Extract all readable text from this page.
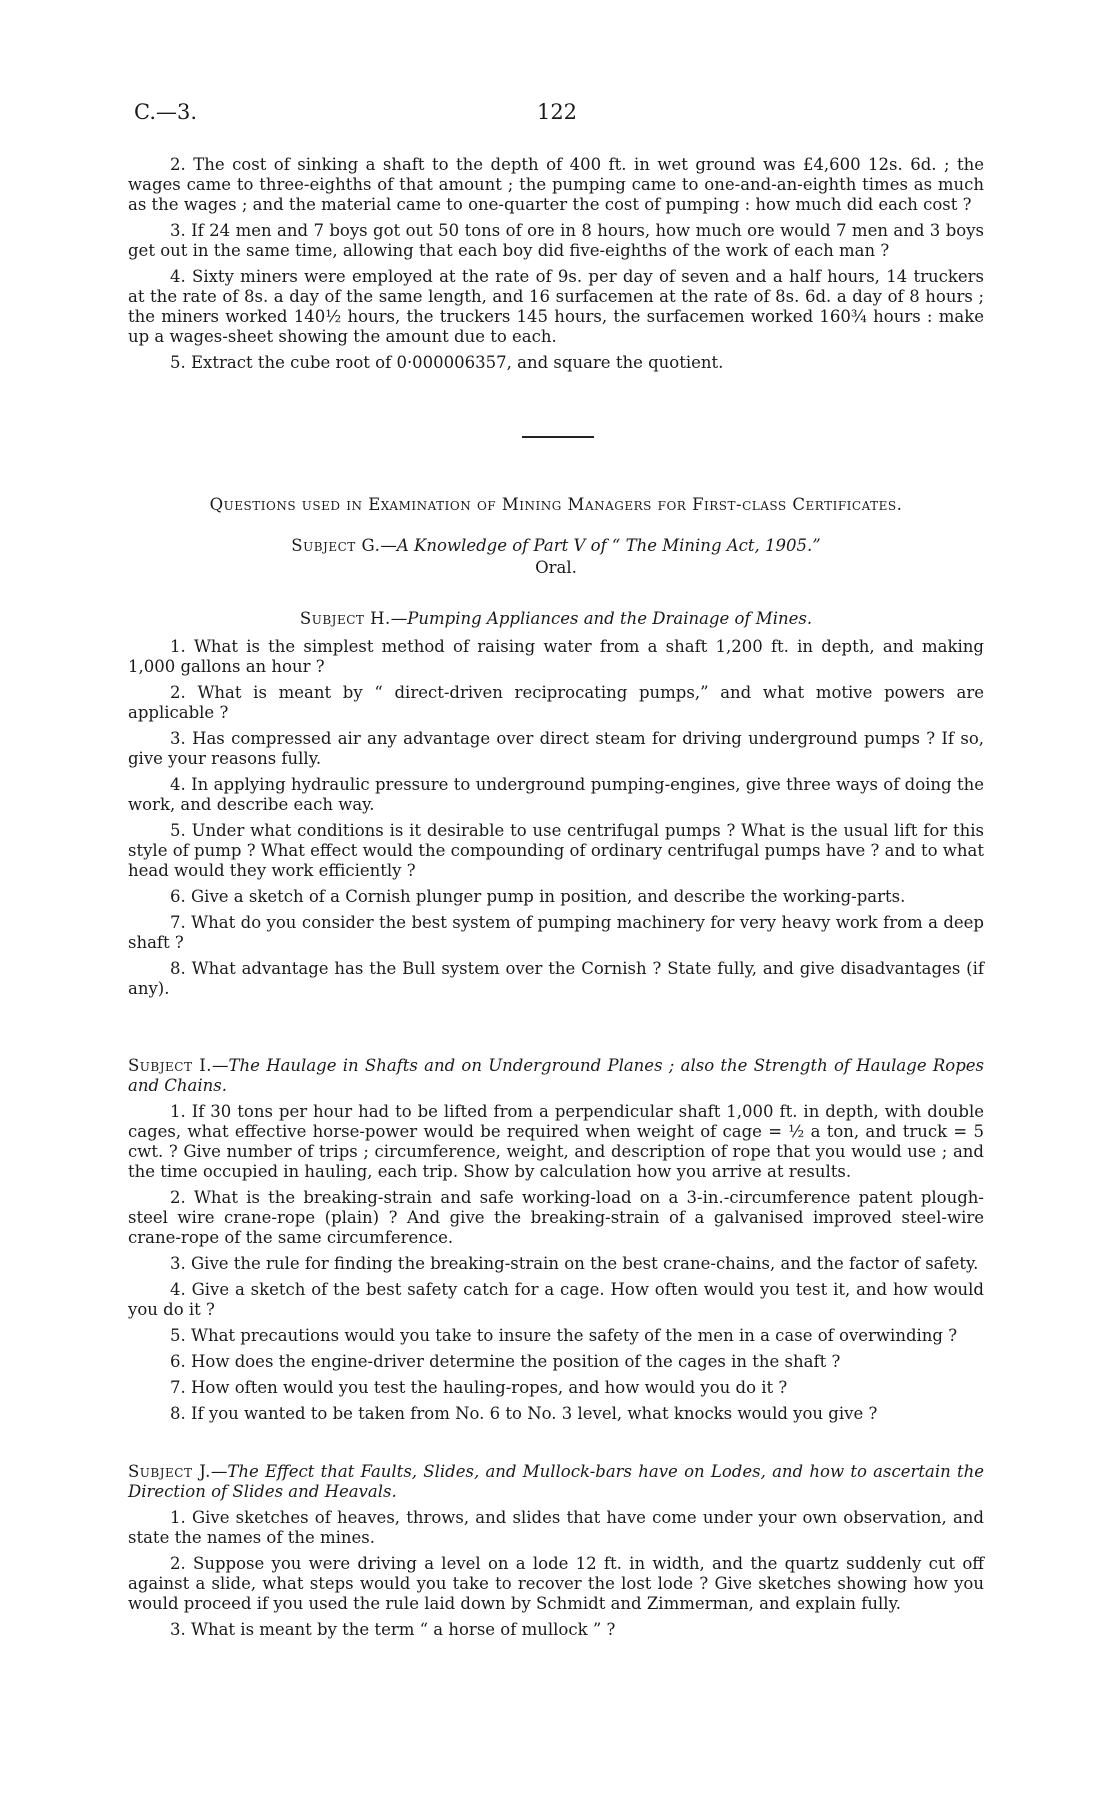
C.—3.	122

2. The cost of sinking a shaft to the depth of 400 ft. in wet ground was £4,600 12s. 6d. ; the wages came to three-eighths of that amount ; the pumping came to one-and-an-eighth times as much as the wages ; and the material came to one-quarter the cost of pumping : how much did each cost ?

3. If 24 men and 7 boys got out 50 tons of ore in 8 hours, how much ore would 7 men and 3 boys get out in the same time, allowing that each boy did five-eighths of the work of each man ?

4. Sixty miners were employed at the rate of 9s. per day of seven and a half hours, 14 truckers at the rate of 8s. a day of the same length, and 16 surfacemen at the rate of 8s. 6d. a day of 8 hours ; the miners worked 140½ hours, the truckers 145 hours, the surfacemen worked 160¾ hours : make up a wages-sheet showing the amount due to each.

5. Extract the cube root of 0·000006357, and square the quotient.

Questions used in Examination of Mining Managers for First-class Certificates.

Subject G.—A Knowledge of Part V of “ The Mining Act, 1905.”

Oral.

Subject H.—Pumping Appliances and the Drainage of Mines.

1. What is the simplest method of raising water from a shaft 1,200 ft. in depth, and making 1,000 gallons an hour ?

2. What is meant by “ direct-driven reciprocating pumps,” and what motive powers are applicable ?

3. Has compressed air any advantage over direct steam for driving underground pumps ? If so, give your reasons fully.

4. In applying hydraulic pressure to underground pumping-engines, give three ways of doing the work, and describe each way.

5. Under what conditions is it desirable to use centrifugal pumps ? What is the usual lift for this style of pump ? What effect would the compounding of ordinary centrifugal pumps have ? and to what head would they work efficiently ?

6. Give a sketch of a Cornish plunger pump in position, and describe the working-parts.

7. What do you consider the best system of pumping machinery for very heavy work from a deep shaft ?

8. What advantage has the Bull system over the Cornish ? State fully, and give disadvantages (if any).

Subject I.—The Haulage in Shafts and on Underground Planes ; also the Strength of Haulage Ropes and Chains.

1. If 30 tons per hour had to be lifted from a perpendicular shaft 1,000 ft. in depth, with double cages, what effective horse-power would be required when weight of cage = ½ a ton, and truck = 5 cwt. ? Give number of trips ; circumference, weight, and description of rope that you would use ; and the time occupied in hauling, each trip. Show by calculation how you arrive at results.

2. What is the breaking-strain and safe working-load on a 3-in.-circumference patent plough-steel wire crane-rope (plain) ? And give the breaking-strain of a galvanised improved steel-wire crane-rope of the same circumference.

3. Give the rule for finding the breaking-strain on the best crane-chains, and the factor of safety.

4. Give a sketch of the best safety catch for a cage. How often would you test it, and how would you do it ?

5. What precautions would you take to insure the safety of the men in a case of overwinding ?

6. How does the engine-driver determine the position of the cages in the shaft ?

7. How often would you test the hauling-ropes, and how would you do it ?

8. If you wanted to be taken from No. 6 to No. 3 level, what knocks would you give ?

Subject J.—The Effect that Faults, Slides, and Mullock-bars have on Lodes, and how to ascertain the Direction of Slides and Heavals.

1. Give sketches of heaves, throws, and slides that have come under your own observation, and state the names of the mines.

2. Suppose you were driving a level on a lode 12 ft. in width, and the quartz suddenly cut off against a slide, what steps would you take to recover the lost lode ? Give sketches showing how you would proceed if you used the rule laid down by Schmidt and Zimmerman, and explain fully.

3. What is meant by the term “ a horse of mullock ” ?
